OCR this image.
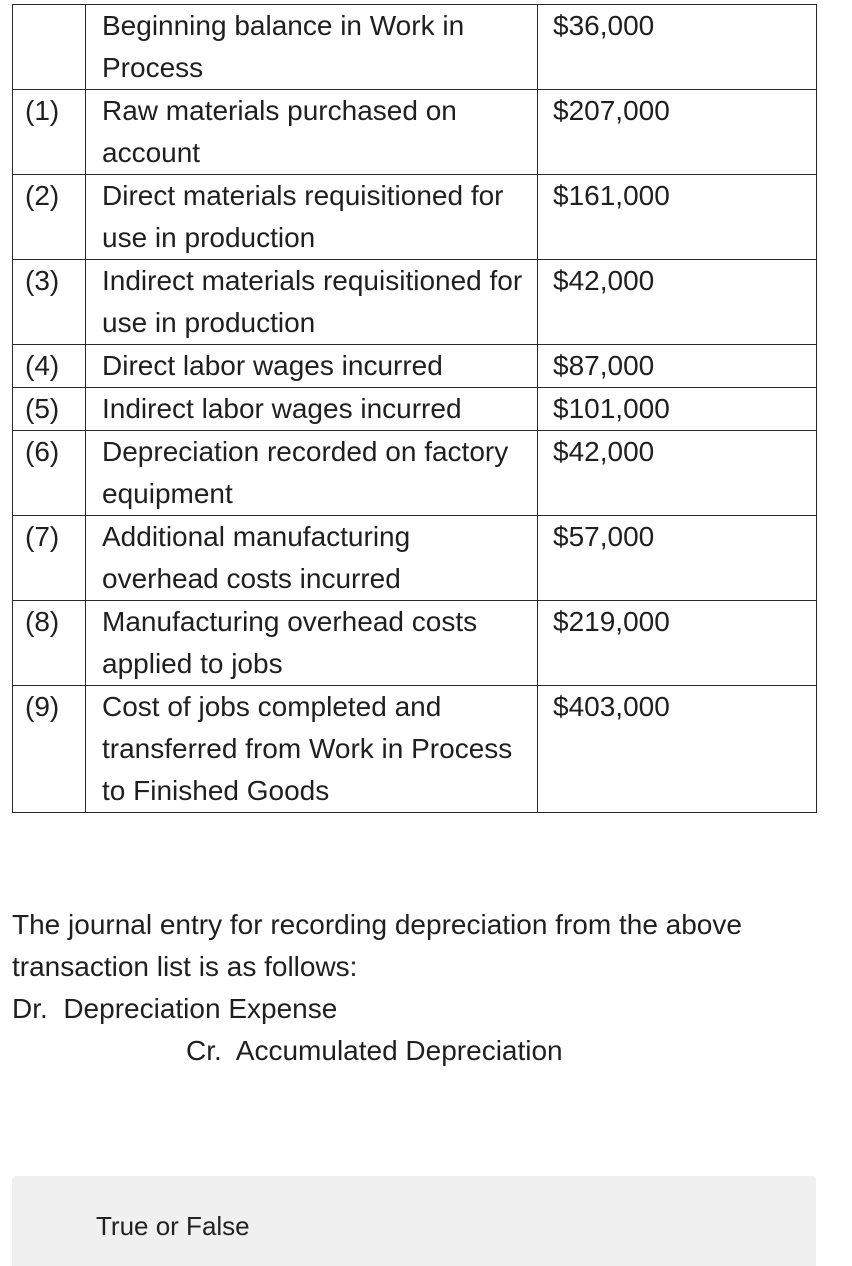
	Beginning balance in Work in Process	$36,000
(1)	Raw materials purchased on account	$207,000
(2)	Direct materials requisitioned for use in production	$161,000
(3)	Indirect materials requisitioned for use in production	$42,000
(4)	Direct labor wages incurred	$87,000
(5)	Indirect labor wages incurred	$101,000
(6)	Depreciation recorded on factory equipment	$42,000
(7)	Additional manufacturing overhead costs incurred	$57,000
(8)	Manufacturing overhead costs applied to jobs	$219,000
(9)	Cost of jobs completed and transferred from Work in Process to Finished Goods	$403,000

The journal entry for recording depreciation from the above transaction list is as follows:

Dr.  Depreciation Expense

Cr.  Accumulated Depreciation

True or False
